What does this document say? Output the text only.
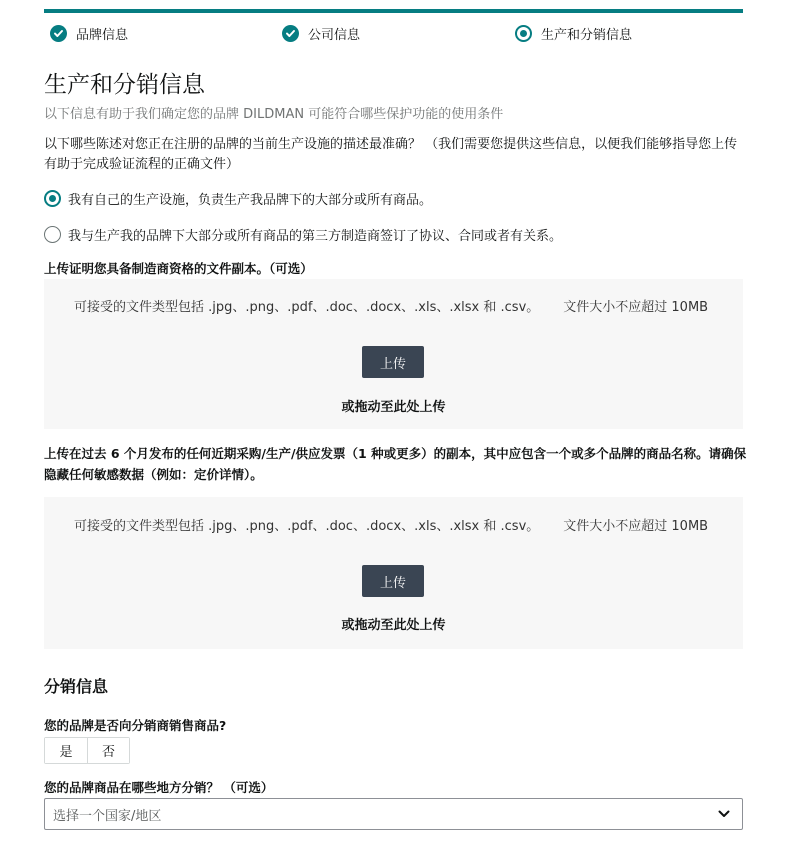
品牌信息	公司信息	生产和分销信息
生产和分销信息
以下信息有助于我们确定您的品牌 DILDMAN 可能符合哪些保护功能的使用条件
以下哪些陈述对您正在注册的品牌的当前生产设施的描述最准确？ （我们需要您提供这些信息，以便我们能够指导您上传有助于完成验证流程的正确文件）
我有自己的生产设施，负责生产我品牌下的大部分或所有商品。
我与生产我的品牌下大部分或所有商品的第三方制造商签订了协议、合同或者有关系。
上传证明您具备制造商资格的文件副本。（可选）
可接受的文件类型包括 .jpg、.png、.pdf、.doc、.docx、.xls、.xlsx 和 .csv。 文件大小不应超过 10MB
上传
或拖动至此处上传
上传在过去 6 个月发布的任何近期采购/生产/供应发票（1 种或更多）的副本，其中应包含一个或多个品牌的商品名称。请确保隐藏任何敏感数据（例如：定价详情）。
可接受的文件类型包括 .jpg、.png、.pdf、.doc、.docx、.xls、.xlsx 和 .csv。 文件大小不应超过 10MB
上传
或拖动至此处上传
分销信息
您的品牌是否向分销商销售商品?
是	否
您的品牌商品在哪些地方分销？ （可选）
选择一个国家/地区
